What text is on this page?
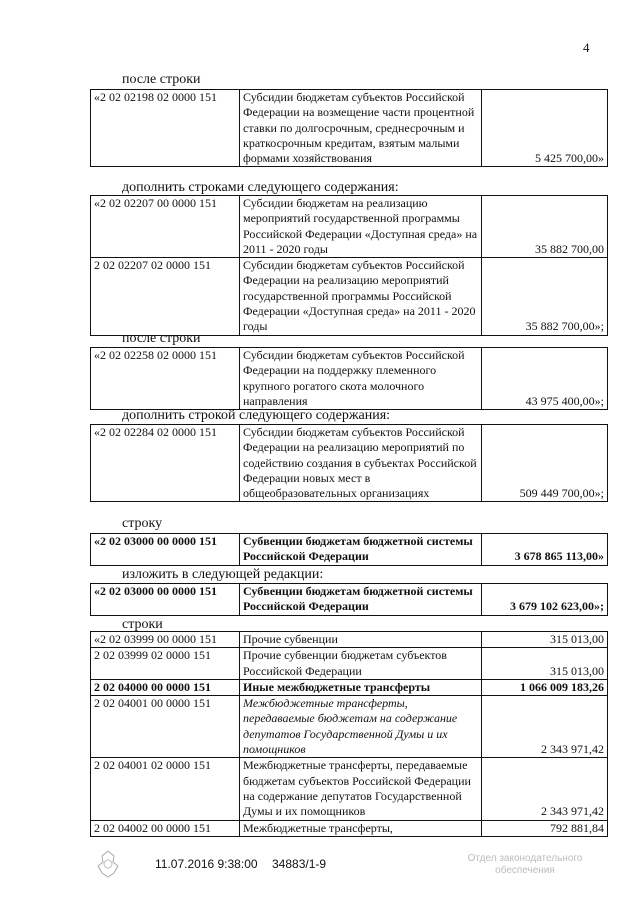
4
после строки
«2 02 02198 02 0000 151	Субсидии бюджетам субъектов Российской Федерации на возмещение части процентной ставки по долгосрочным, среднесрочным и краткосрочным кредитам, взятым малыми формами хозяйствования	5 425 700,00»
дополнить строками следующего содержания:
«2 02 02207 00 0000 151	Субсидии бюджетам на реализацию мероприятий государственной программы Российской Федерации «Доступная среда» на 2011 - 2020 годы	35 882 700,00
2 02 02207 02 0000 151	Субсидии бюджетам субъектов Российской Федерации на реализацию мероприятий государственной программы Российской Федерации «Доступная среда» на 2011 - 2020 годы	35 882 700,00»;
после строки
«2 02 02258 02 0000 151	Субсидии бюджетам субъектов Российской Федерации на поддержку племенного крупного рогатого скота молочного направления	43 975 400,00»;
дополнить строкой следующего содержания:
«2 02 02284 02 0000 151	Субсидии бюджетам субъектов Российской Федерации на реализацию мероприятий по содействию создания в субъектах Российской Федерации новых мест в общеобразовательных организациях	509 449 700,00»;
строку
«2 02 03000 00 0000 151	Субвенции бюджетам бюджетной системы Российской Федерации	3 678 865 113,00»
изложить в следующей редакции:
«2 02 03000 00 0000 151	Субвенции бюджетам бюджетной системы Российской Федерации	3 679 102 623,00»;
строки
«2 02 03999 00 0000 151	Прочие субвенции	315 013,00
2 02 03999 02 0000 151	Прочие субвенции бюджетам субъектов Российской Федерации	315 013,00
2 02 04000 00 0000 151	Иные межбюджетные трансферты	1 066 009 183,26
2 02 04001 00 0000 151	Межбюджетные трансферты, передаваемые бюджетам на содержание депутатов Государственной Думы и их помощников	2 343 971,42
2 02 04001 02 0000 151	Межбюджетные трансферты, передаваемые бюджетам субъектов Российской Федерации на содержание депутатов Государственной Думы и их помощников	2 343 971,42
2 02 04002 00 0000 151	Межбюджетные трансферты,	792 881,84
11.07.2016 9:38:00 34883/1-9	Отдел законодательного
обеспечения
